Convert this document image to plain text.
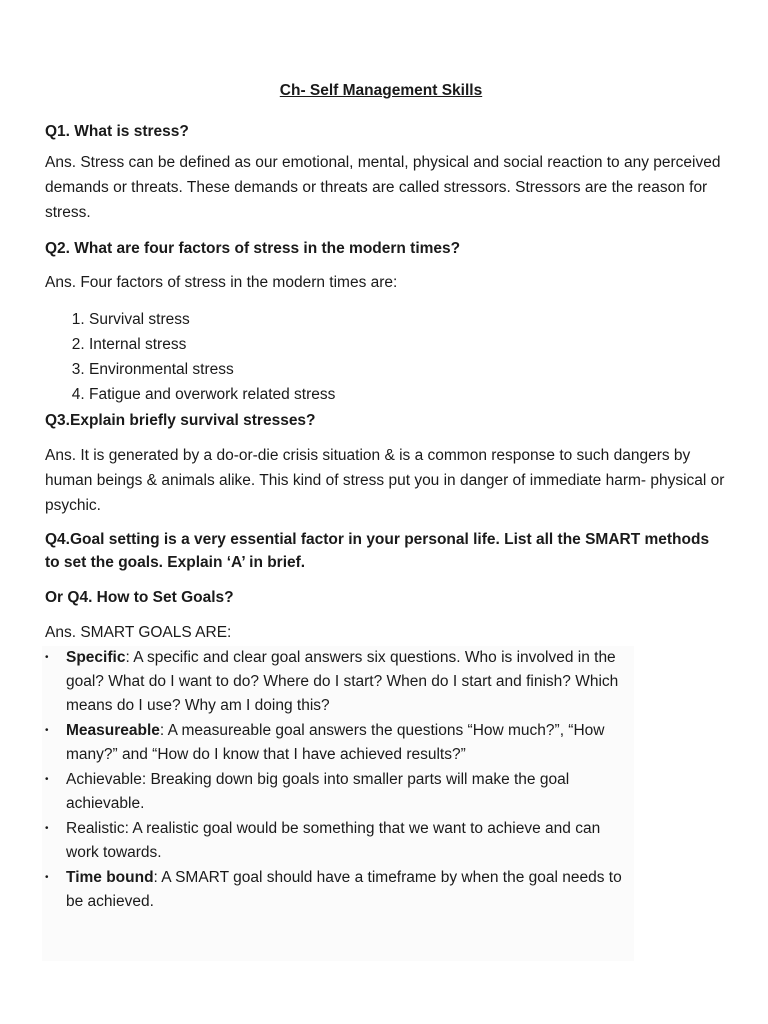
Ch- Self Management Skills
Q1. What is stress?
Ans. Stress can be defined as our emotional, mental, physical and social reaction to any perceived demands or threats. These demands or threats are called stressors. Stressors are the reason for stress.
Q2. What are four factors of stress in the modern times?
Ans. Four factors of stress in the modern times are:
1. Survival stress
2. Internal stress
3. Environmental stress
4. Fatigue and overwork related stress
Q3.Explain briefly survival stresses?
Ans. It is generated by a do-or-die crisis situation & is a common response to such dangers by human beings & animals alike. This kind of stress put you in danger of immediate harm- physical or psychic.
Q4.Goal setting is a very essential factor in your personal life. List all the SMART methods to set the goals. Explain ‘A’ in brief.
Or Q4. How to Set Goals?
Ans. SMART GOALS ARE:
• Specific: A specific and clear goal answers six questions. Who is involved in the goal? What do I want to do? Where do I start? When do I start and finish? Which means do I use? Why am I doing this?
• Measureable: A measureable goal answers the questions “How much?”, “How many?” and “How do I know that I have achieved results?”
• Achievable: Breaking down big goals into smaller parts will make the goal achievable.
• Realistic: A realistic goal would be something that we want to achieve and can work towards.
• Time bound: A SMART goal should have a timeframe by when the goal needs to be achieved.
